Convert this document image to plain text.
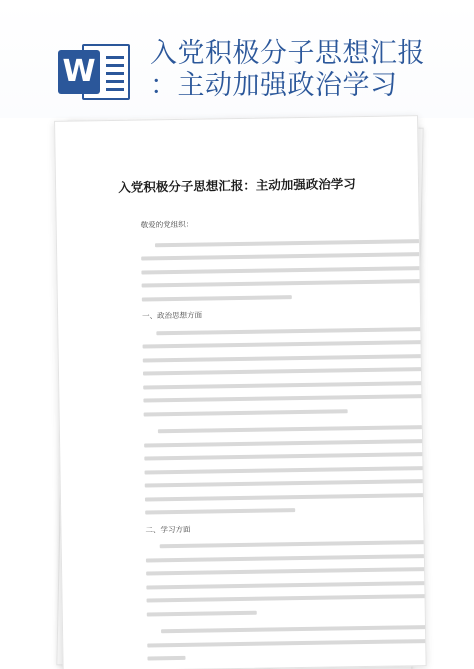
W
入党积极分子思想汇报
：主动加强政治学习
入党积极分子思想汇报：主动加强政治学习
敬爱的党组织：
一、政治思想方面
二、学习方面
